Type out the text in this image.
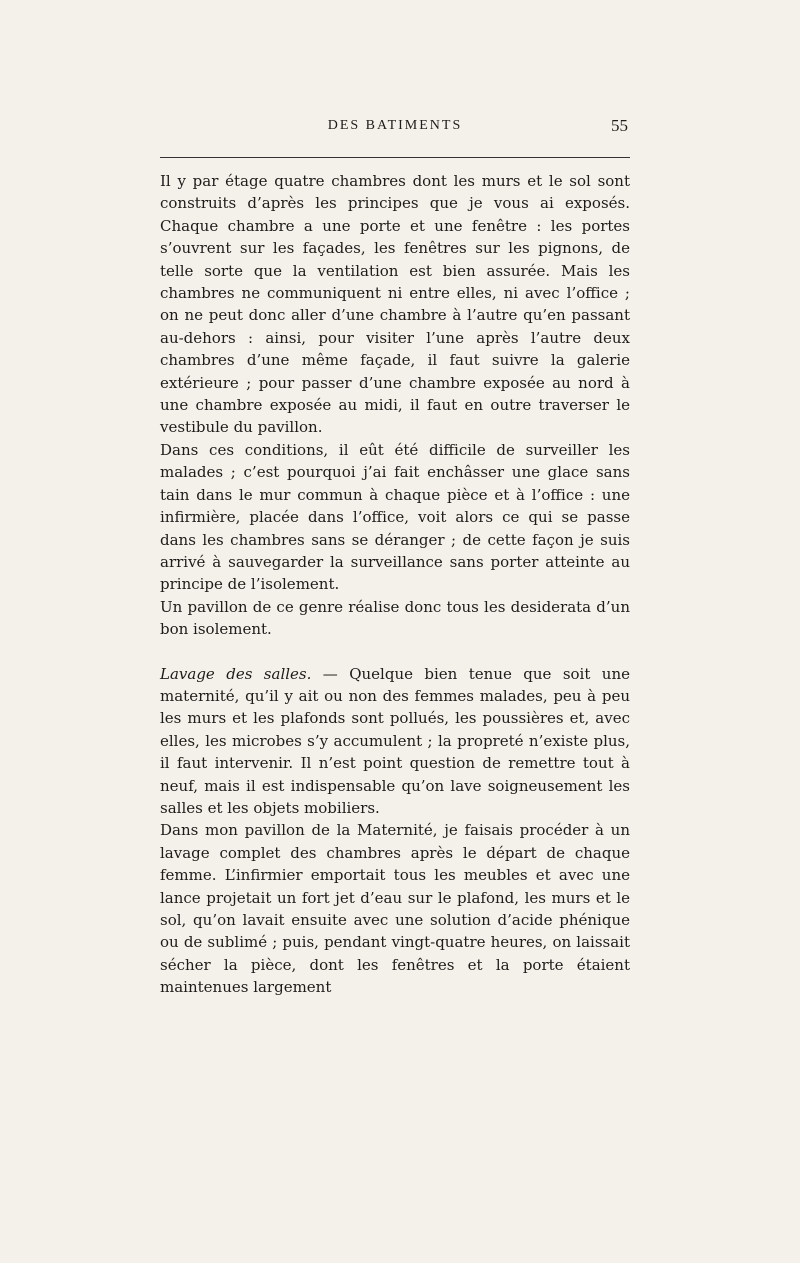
DES BATIMENTS	55

Il y par étage quatre chambres dont les murs et le sol sont construits d’après les principes que je vous ai exposés. Chaque chambre a une porte et une fenêtre : les portes s’ouvrent sur les façades, les fenêtres sur les pignons, de telle sorte que la ventilation est bien assurée. Mais les chambres ne communiquent ni entre elles, ni avec l’office ; on ne peut donc aller d’une chambre à l’autre qu’en passant au-dehors : ainsi, pour visiter l’une après l’autre deux chambres d’une même façade, il faut suivre la galerie extérieure ; pour passer d’une chambre exposée au nord à une chambre exposée au midi, il faut en outre traverser le vestibule du pavillon.

Dans ces conditions, il eût été difficile de surveiller les malades ; c’est pourquoi j’ai fait enchâsser une glace sans tain dans le mur commun à chaque pièce et à l’office : une infirmière, placée dans l’office, voit alors ce qui se passe dans les chambres sans se déranger ; de cette façon je suis arrivé à sauvegarder la surveillance sans porter atteinte au principe de l’isolement.

Un pavillon de ce genre réalise donc tous les desiderata d’un bon isolement.

Lavage des salles. — Quelque bien tenue que soit une maternité, qu’il y ait ou non des femmes malades, peu à peu les murs et les plafonds sont pollués, les poussières et, avec elles, les microbes s’y accumulent ; la propreté n’existe plus, il faut intervenir. Il n’est point question de remettre tout à neuf, mais il est indispensable qu’on lave soigneusement les salles et les objets mobiliers.

Dans mon pavillon de la Maternité, je faisais procéder à un lavage complet des chambres après le départ de chaque femme. L’infirmier emportait tous les meubles et avec une lance projetait un fort jet d’eau sur le plafond, les murs et le sol, qu’on lavait ensuite avec une solution d’acide phénique ou de sublimé ; puis, pendant vingt-quatre heures, on laissait sécher la pièce, dont les fenêtres et la porte étaient maintenues largement
